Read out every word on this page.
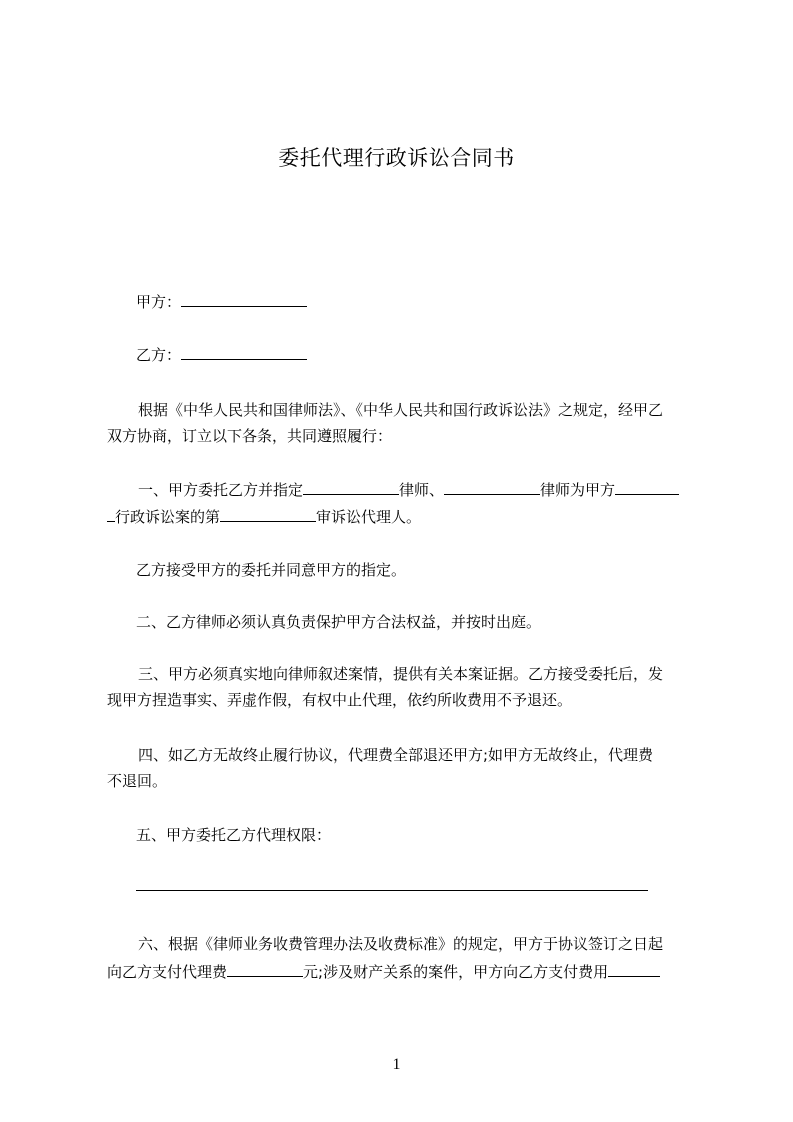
委托代理行政诉讼合同书
甲方：
乙方：
根据《中华人民共和国律师法》、《中华人民共和国行政诉讼法》之规定，经甲乙
双方协商，订立以下各条，共同遵照履行：
一、甲方委托乙方并指定	律师、	律师为甲方
行政诉讼案的第	审诉讼代理人。
乙方接受甲方的委托并同意甲方的指定。
二、乙方律师必须认真负责保护甲方合法权益，并按时出庭。
三、甲方必须真实地向律师叙述案情，提供有关本案证据。乙方接受委托后，发
现甲方捏造事实、弄虚作假，有权中止代理，依约所收费用不予退还。
四、如乙方无故终止履行协议，代理费全部退还甲方;如甲方无故终止，代理费
不退回。
五、甲方委托乙方代理权限：
六、根据《律师业务收费管理办法及收费标准》的规定，甲方于协议签订之日起
向乙方支付代理费	元;涉及财产关系的案件，甲方向乙方支付费用
1
